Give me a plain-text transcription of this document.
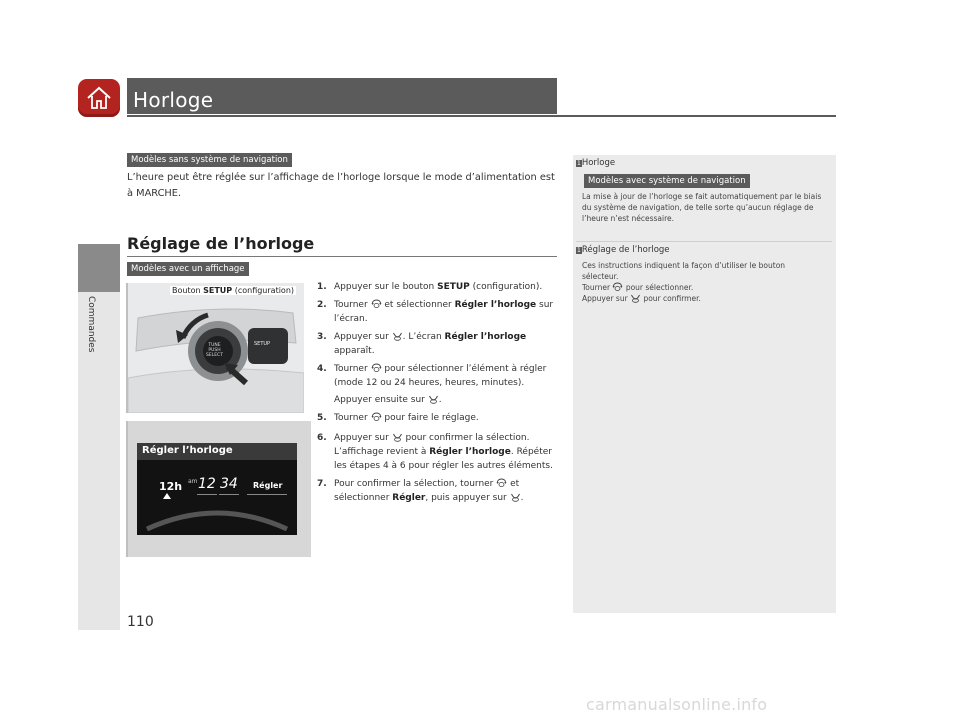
Horloge
Commandes
Modèles sans système de navigation
L’heure peut être réglée sur l’affichage de l’horloge lorsque le mode d’alimentation est à MARCHE.
Réglage de l’horloge
Modèles avec un affichage
TUNE
PUSH
SELECT
SETUP
Bouton SETUP (configuration)
Régler l’horloge
12h am 12 34 Régler
1. Appuyer sur le bouton SETUP (configuration).
2. Tourner  et sélectionner Régler l’horloge sur l’écran.
3. Appuyer sur . L’écran Régler l’horloge apparaît.
4. Tourner  pour sélectionner l’élément à régler (mode 12 ou 24 heures, heures, minutes).
Appuyer ensuite sur .
5. Tourner  pour faire le réglage.
6. Appuyer sur  pour confirmer la sélection. L’affichage revient à Régler l’horloge. Répéter les étapes 4 à 6 pour régler les autres éléments.
7. Pour confirmer la sélection, tourner  et sélectionner Régler, puis appuyer sur .
1Horloge
Modèles avec système de navigation
La mise à jour de l’horloge se fait automatiquement par le biais du système de navigation, de telle sorte qu’aucun réglage de l’heure n’est nécessaire.
1Réglage de l’horloge
Ces instructions indiquent la façon d’utiliser le bouton sélecteur.
Tourner  pour sélectionner.
Appuyer sur  pour confirmer.
110
carmanualsonline.info
